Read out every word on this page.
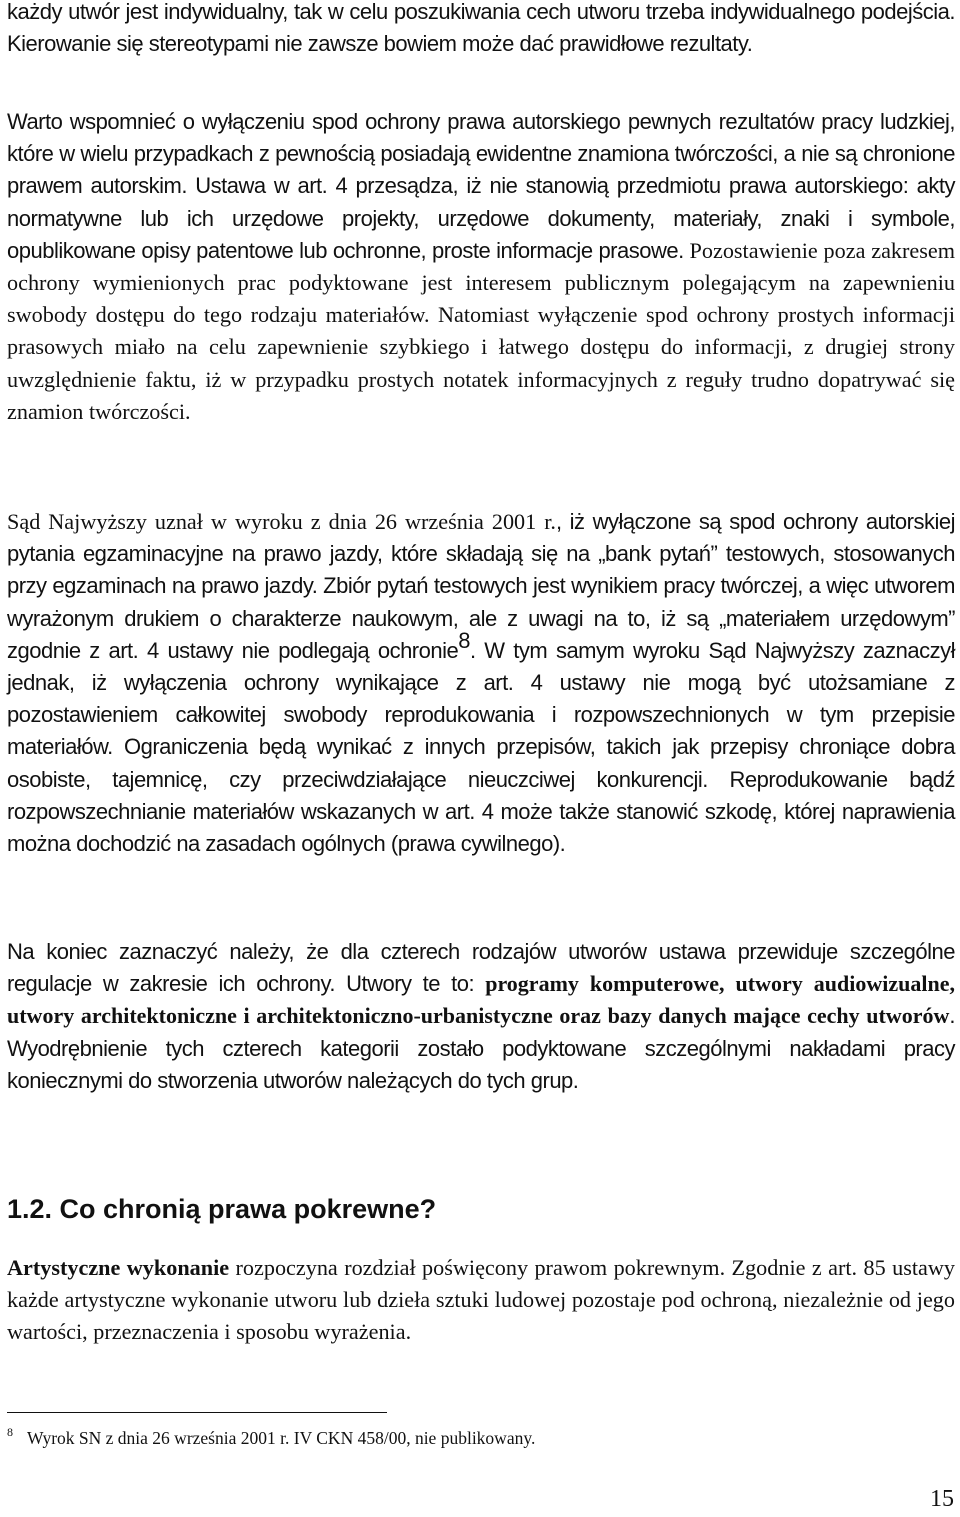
każdy utwór jest indywidualny, tak w celu poszukiwania cech utworu trzeba indywidualnego podejścia. Kierowanie się stereotypami nie zawsze bowiem może dać prawidłowe rezultaty.

Warto wspomnieć o wyłączeniu spod ochrony prawa autorskiego pewnych rezultatów pracy ludzkiej, które w wielu przypadkach z pewnością posiadają ewidentne znamiona twórczości, a nie są chronione prawem autorskim. Ustawa w art. 4 przesądza, iż nie stanowią przedmiotu prawa autorskiego: akty normatywne lub ich urzędowe projekty, urzędowe dokumenty, materiały, znaki i symbole, opublikowane opisy patentowe lub ochronne, proste informacje prasowe. Pozostawienie poza zakresem ochrony wymienionych prac podyktowane jest interesem publicznym polegającym na zapewnieniu swobody dostępu do tego rodzaju materiałów. Natomiast wyłączenie spod ochrony prostych informacji prasowych miało na celu zapewnienie szybkiego i łatwego dostępu do informacji, z drugiej strony uwzględnienie faktu, iż w przypadku prostych notatek informacyjnych z reguły trudno dopatrywać się znamion twórczości.

Sąd Najwyższy uznał w wyroku z dnia 26 września 2001 r., iż wyłączone są spod ochrony autorskiej pytania egzaminacyjne na prawo jazdy, które składają się na „bank pytań” testowych, stosowanych przy egzaminach na prawo jazdy. Zbiór pytań testowych jest wynikiem pracy twórczej, a więc utworem wyrażonym drukiem o charakterze naukowym, ale z uwagi na to, iż są „materiałem urzędowym” zgodnie z art. 4 ustawy nie podlegają ochronie$^8$. W tym samym wyroku Sąd Najwyższy zaznaczył jednak, iż wyłączenia ochrony wynikające z art. 4 ustawy nie mogą być utożsamiane z pozostawieniem całkowitej swobody reprodukowania i rozpowszechnionych w tym przepisie materiałów. Ograniczenia będą wynikać z innych przepisów, takich jak przepisy chroniące dobra osobiste, tajemnicę, czy przeciwdziałające nieuczciwej konkurencji. Reprodukowanie bądź rozpowszechnianie materiałów wskazanych w art. 4 może także stanowić szkodę, której naprawienia można dochodzić na zasadach ogólnych (prawa cywilnego).

Na koniec zaznaczyć należy, że dla czterech rodzajów utworów ustawa przewiduje szczególne regulacje w zakresie ich ochrony. Utwory te to: programy komputerowe, utwory audiowizualne, utwory architektoniczne i architektoniczno-urbanistyczne oraz bazy danych mające cechy utworów. Wyodrębnienie tych czterech kategorii zostało podyktowane szczególnymi nakładami pracy koniecznymi do stworzenia utworów należących do tych grup.

1.2. Co chronią prawa pokrewne?

Artystyczne wykonanie rozpoczyna rozdział poświęcony prawom pokrewnym. Zgodnie z art. 85 ustawy każde artystyczne wykonanie utworu lub dzieła sztuki ludowej pozostaje pod ochroną, niezależnie od jego wartości, przeznaczenia i sposobu wyrażenia.

$^8$ Wyrok SN z dnia 26 września 2001 r. IV CKN 458/00, nie publikowany.
15
